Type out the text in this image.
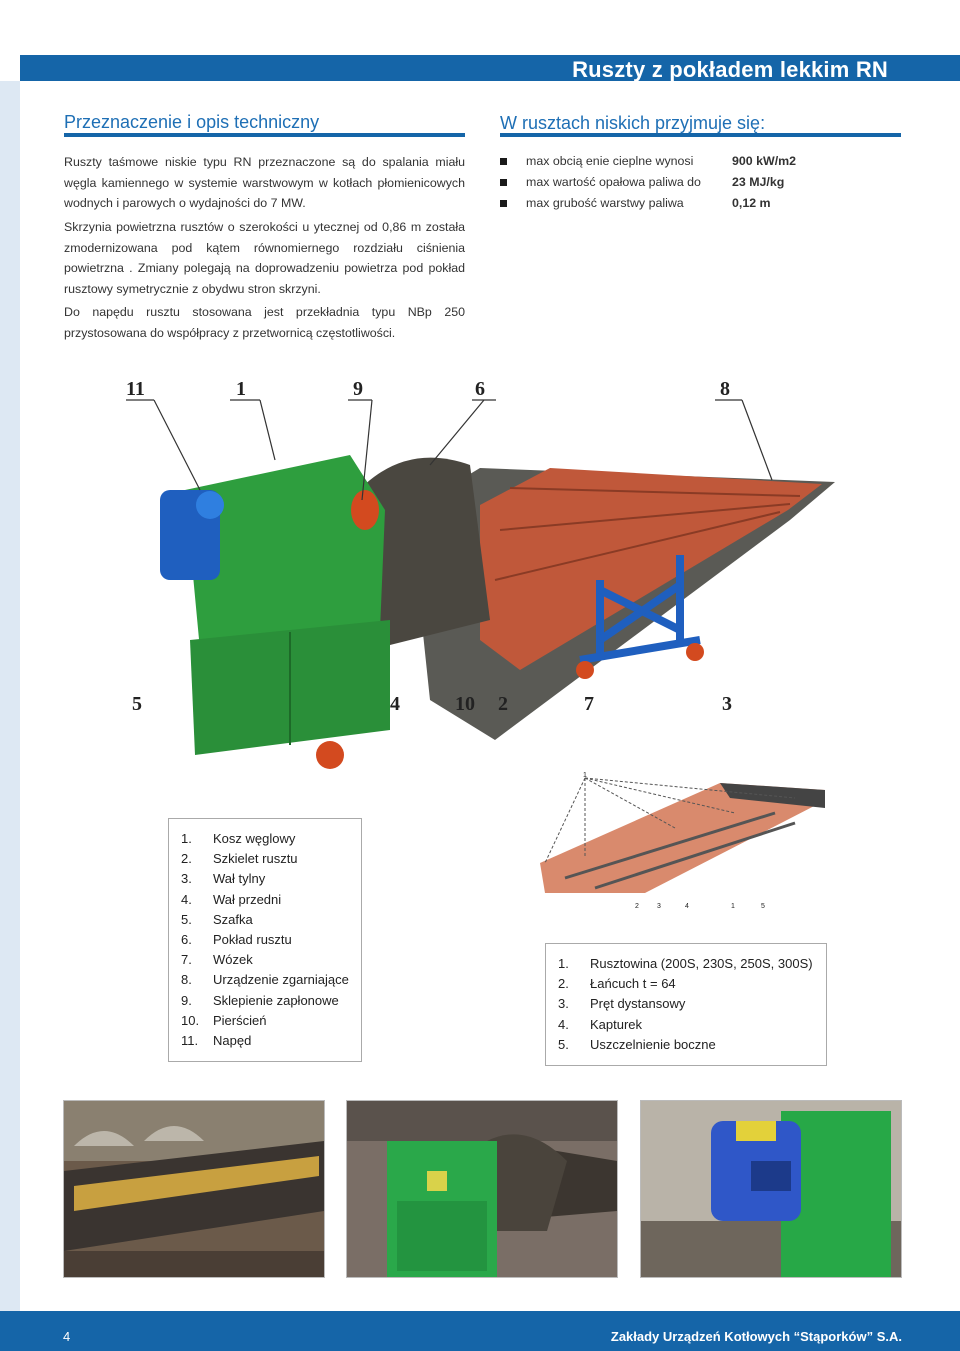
Ruszty z pokładem lekkim RN
Przeznaczenie i opis techniczny
Ruszty taśmowe niskie typu RN przeznaczone są do spalania miału węgla kamiennego w systemie warstwowym w kotłach płomienicowych wodnych i parowych o wydajności do 7 MW.
Skrzynia powietrzna rusztów o szerokości u ytecznej od 0,86 m została zmodernizowana pod kątem równomiernego rozdziału ciśnienia powietrzna . Zmiany polegają na doprowadzeniu powietrza pod pokład rusztowy symetrycznie z obydwu stron skrzyni.
Do napędu rusztu stosowana jest przekładnia typu NBp 250 przystosowana do współpracy z przetwornicą częstotliwości.
W rusztach niskich przyjmuje się:
max obcią enie cieplne wynosi	900 kW/m2
max wartość opałowa paliwa do	23 MJ/kg
max grubość warstwy paliwa	0,12 m
11	1	9	6	8
5	4	10 2	7	3
1
2	3	4	1	5
1. Kosz węglowy
2. Szkielet rusztu
3. Wał tylny
4. Wał przedni
5. Szafka
6. Pokład rusztu
7. Wózek
8. Urządzenie zgarniające
9. Sklepienie zapłonowe
10. Pierścień
11. Napęd
1. Rusztowina (200S, 230S, 250S, 300S)
2. Łańcuch t = 64
3. Pręt dystansowy
4. Kapturek
5. Uszczelnienie boczne
4	Zakłady Urządzeń Kotłowych “Stąporków” S.A.
